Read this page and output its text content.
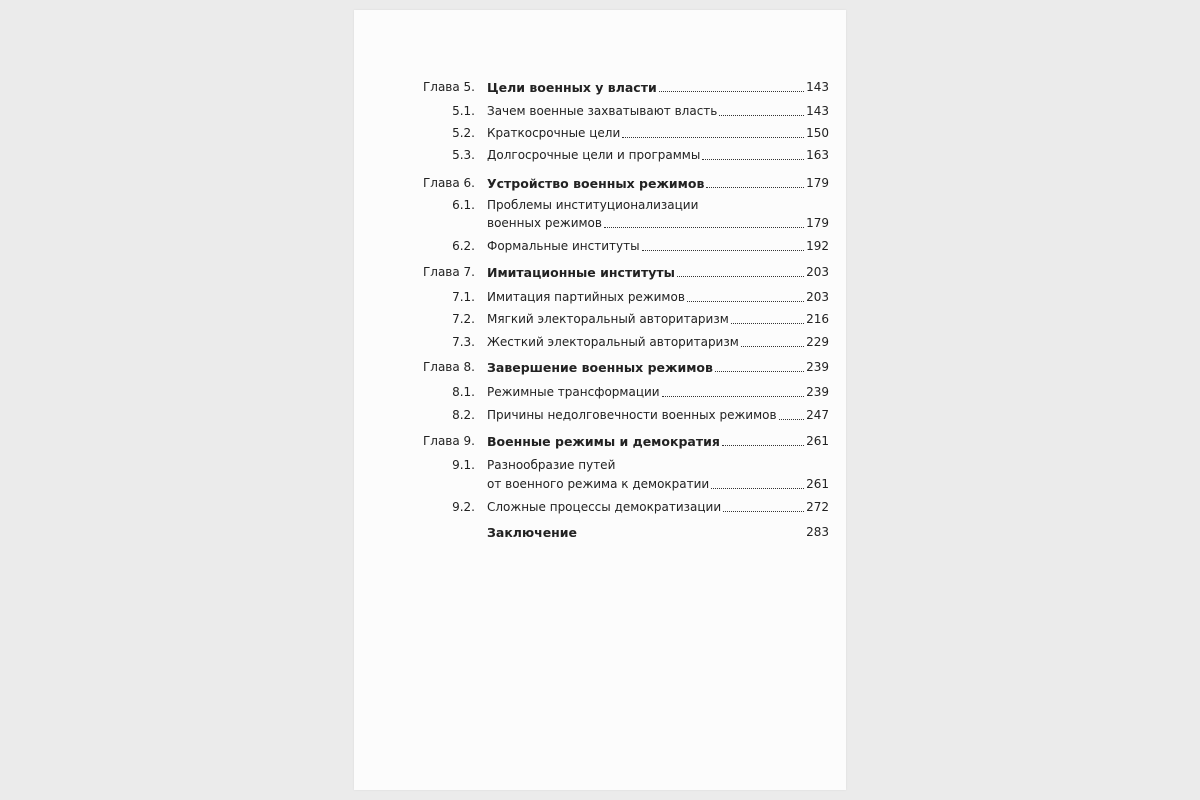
Глава 5. Цели военных у власти	143
5.1. Зачем военные захватывают власть	143
5.2. Краткосрочные цели	150
5.3. Долгосрочные цели и программы	163
Глава 6. Устройство военных режимов	179
6.1. Проблемы институционализации
военных режимов	179
6.2. Формальные институты	192
Глава 7. Имитационные институты	203
7.1. Имитация партийных режимов	203
7.2. Мягкий электоральный авторитаризм	216
7.3. Жесткий электоральный авторитаризм	229
Глава 8. Завершение военных режимов	239
8.1. Режимные трансформации	239
8.2. Причины недолговечности военных режимов 247
Глава 9. Военные режимы и демократия	261
9.1. Разнообразие путей
от военного режима к демократии	261
9.2. Сложные процессы демократизации	272
Заключение	283
